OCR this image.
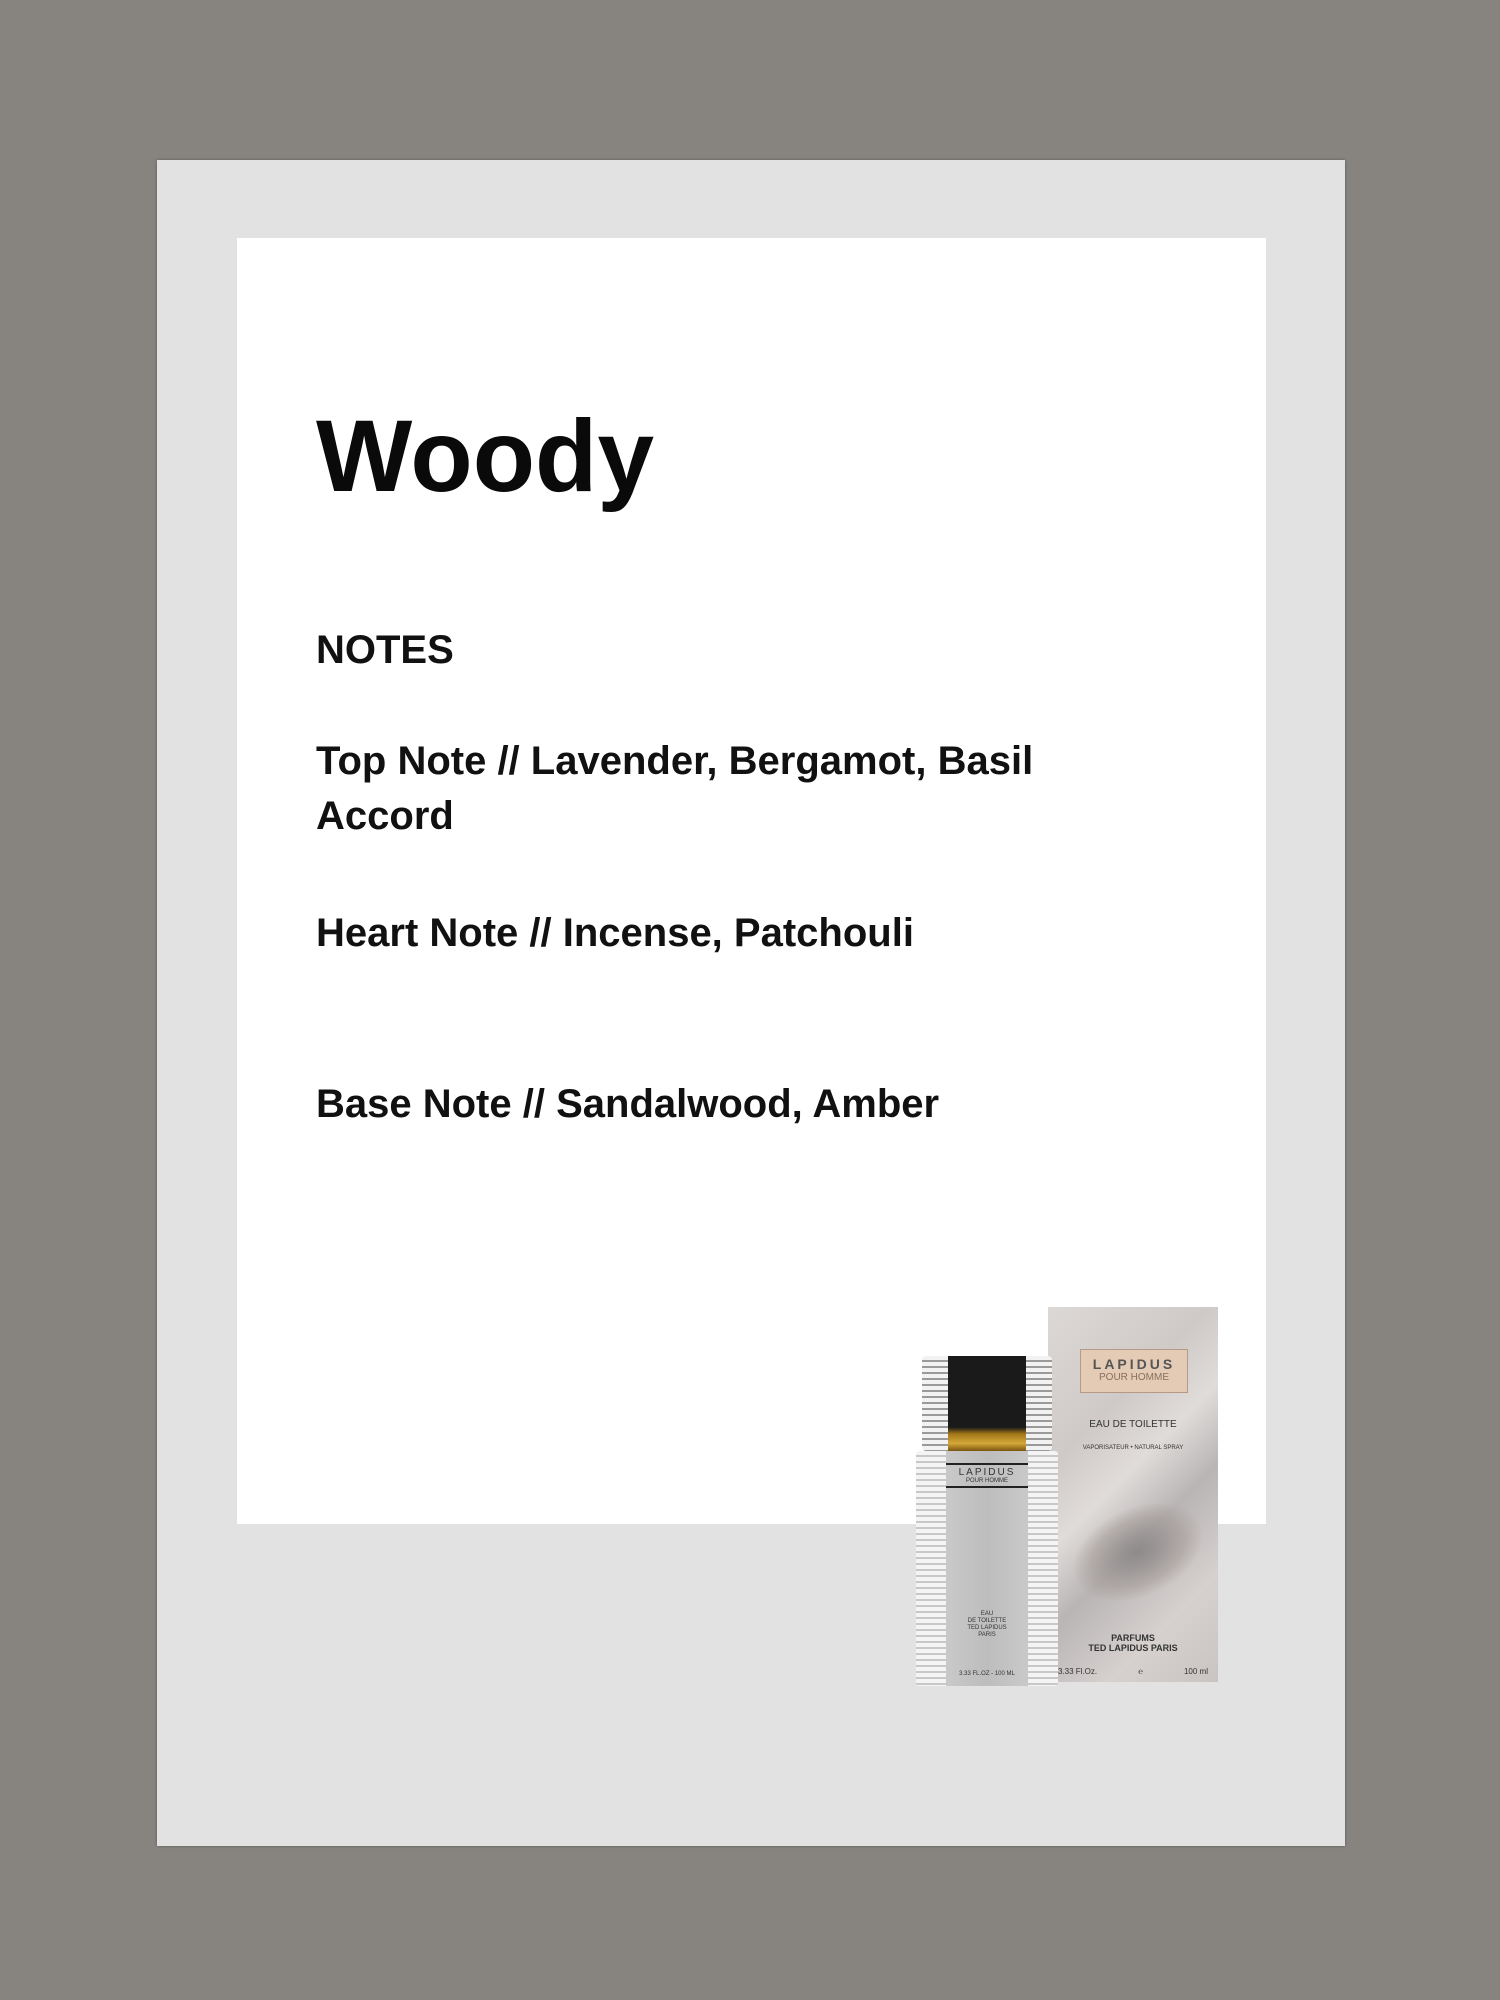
Woody
NOTES
Top Note // Lavender, Bergamot, Basil
Accord
Heart Note // Incense, Patchouli
Base Note // Sandalwood, Amber
LAPIDUS
POUR HOMME
EAU DE TOILETTE
VAPORISATEUR • NATURAL SPRAY
PARFUMS
TED LAPIDUS PARIS
3.33 Fl.Oz.	℮	100 ml
LAPIDUS
POUR HOMME
EAU
DE TOILETTE
TED LAPIDUS
PARIS
3.33 FL.OZ - 100 ML
